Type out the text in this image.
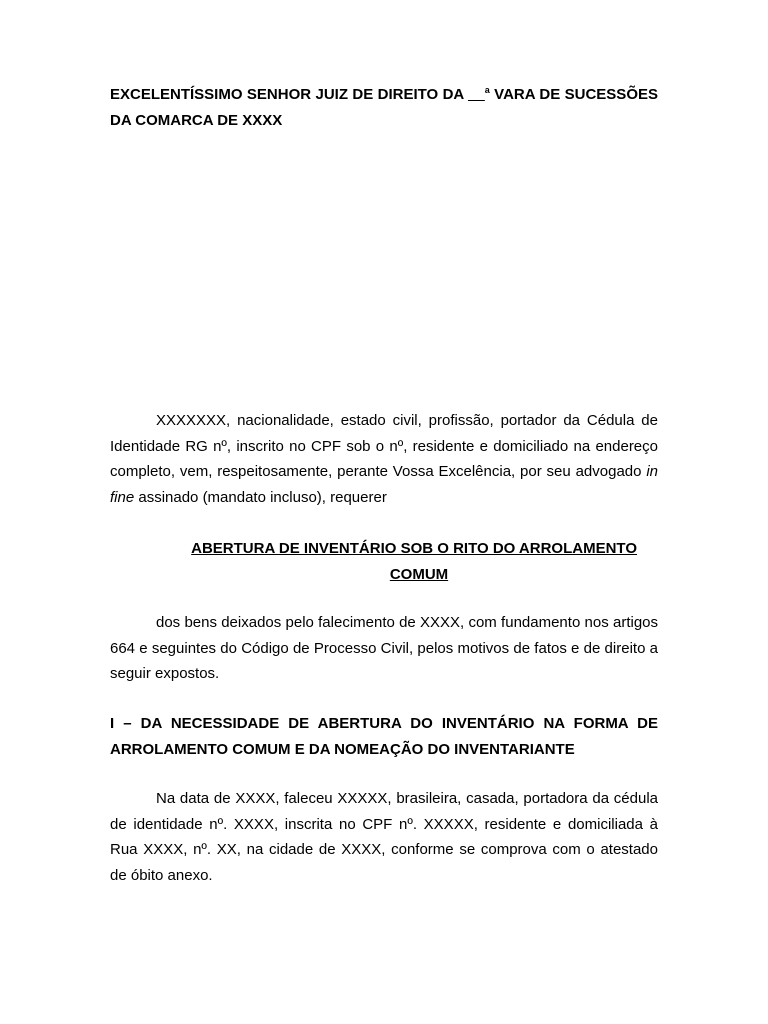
EXCELENTÍSSIMO SENHOR JUIZ DE DIREITO DA __$^a$ VARA DE SUCESSÕES DA COMARCA DE XXXX
XXXXXXX, nacionalidade, estado civil, profissão, portador da Cédula de Identidade RG nº, inscrito no CPF sob o nº, residente e domiciliado na endereço completo, vem, respeitosamente, perante Vossa Excelência, por seu advogado in fine assinado (mandato incluso), requerer
ABERTURA DE INVENTÁRIO SOB O RITO DO ARROLAMENTO
COMUM
dos bens deixados pelo falecimento de XXXX, com fundamento nos artigos 664 e seguintes do Código de Processo Civil, pelos motivos de fatos e de direito a seguir expostos.
I – DA NECESSIDADE DE ABERTURA DO INVENTÁRIO NA FORMA DE ARROLAMENTO COMUM E DA NOMEAÇÃO DO INVENTARIANTE
Na data de XXXX, faleceu XXXXX, brasileira, casada, portadora da cédula de identidade nº. XXXX, inscrita no CPF nº. XXXXX, residente e domiciliada à Rua XXXX, nº. XX, na cidade de XXXX, conforme se comprova com o atestado de óbito anexo.
